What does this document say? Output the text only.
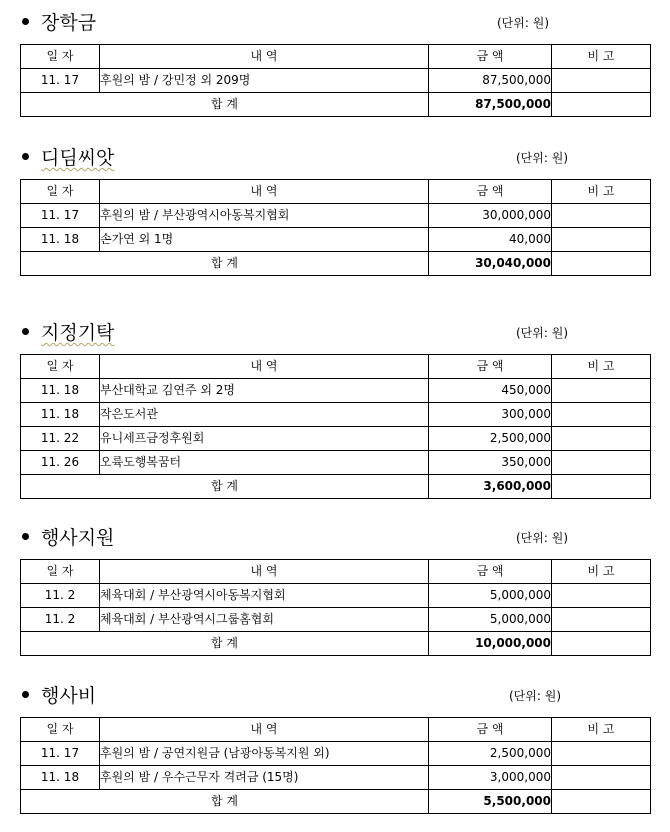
장학금	(단위: 원)
일 자	내 역	금 액	비 고
11. 17	후원의 밤 / 강민정 외 209명	87,500,000	
합 계		87,500,000	
디딤씨앗	(단위: 원)
일 자	내 역	금 액	비 고
11. 17	후원의 밤 / 부산광역시아동복지협회	30,000,000	
11. 18	손가연 외 1명	40,000	
합 계		30,040,000	
지정기탁	(단위: 원)
일 자	내 역	금 액	비 고
11. 18	부산대학교 김연주 외 2명	450,000	
11. 18	작은도서관	300,000	
11. 22	유니세프금정후원회	2,500,000	
11. 26	오륙도행복꿈터	350,000	
합 계		3,600,000	
행사지원	(단위: 원)
일 자	내 역	금 액	비 고
11. 2	체육대회 / 부산광역시아동복지협회	5,000,000	
11. 2	체육대회 / 부산광역시그룹홈협회	5,000,000	
합 계		10,000,000	
행사비	(단위: 원)
일 자	내 역	금 액	비 고
11. 17	후원의 밤 / 공연지원금 (남광아동복지원 외)	2,500,000	
11. 18	후원의 밤 / 우수근무자 격려금 (15명)	3,000,000	
합 계		5,500,000	
